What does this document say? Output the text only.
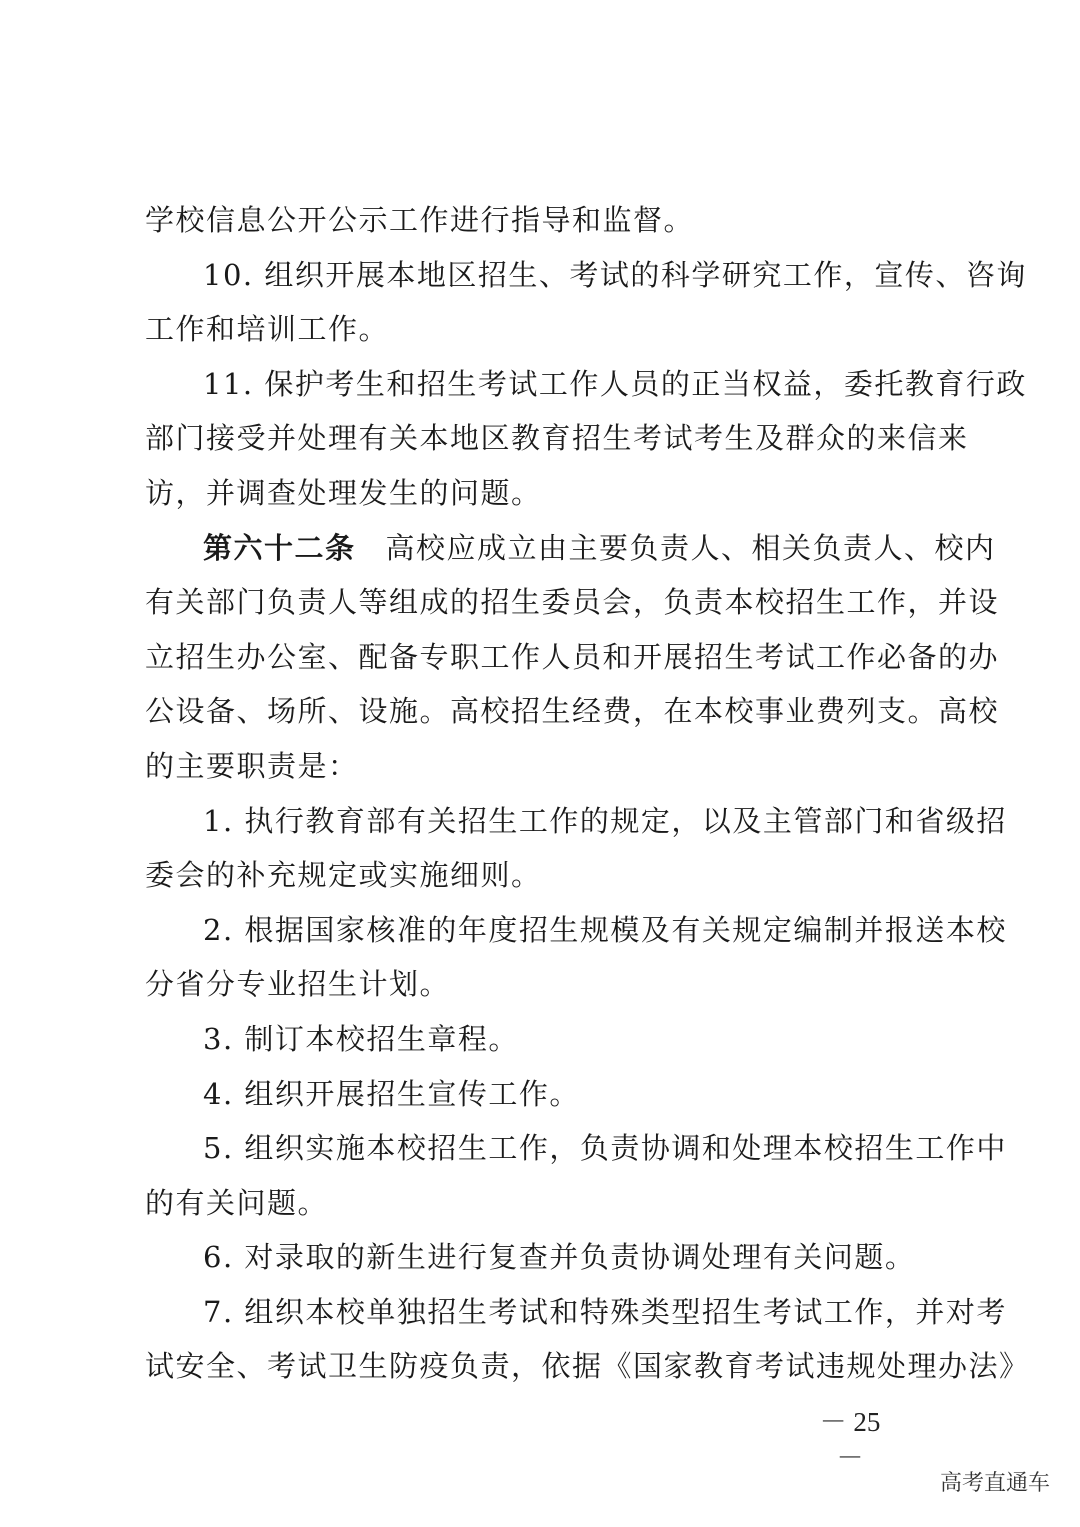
学校信息公开公示工作进行指导和监督。
10. 组织开展本地区招生、考试的科学研究工作，宣传、咨询
工作和培训工作。
11. 保护考生和招生考试工作人员的正当权益，委托教育行政
部门接受并处理有关本地区教育招生考试考生及群众的来信来
访，并调查处理发生的问题。
第六十二条 高校应成立由主要负责人、相关负责人、校内
有关部门负责人等组成的招生委员会，负责本校招生工作，并设
立招生办公室、配备专职工作人员和开展招生考试工作必备的办
公设备、场所、设施。高校招生经费，在本校事业费列支。高校
的主要职责是：
1. 执行教育部有关招生工作的规定，以及主管部门和省级招
委会的补充规定或实施细则。
2. 根据国家核准的年度招生规模及有关规定编制并报送本校
分省分专业招生计划。
3. 制订本校招生章程。
4. 组织开展招生宣传工作。
5. 组织实施本校招生工作，负责协调和处理本校招生工作中
的有关问题。
6. 对录取的新生进行复查并负责协调处理有关问题。
7. 组织本校单独招生考试和特殊类型招生考试工作，并对考
试安全、考试卫生防疫负责，依据《国家教育考试违规处理办法》
－ 25 －
高考直通车
